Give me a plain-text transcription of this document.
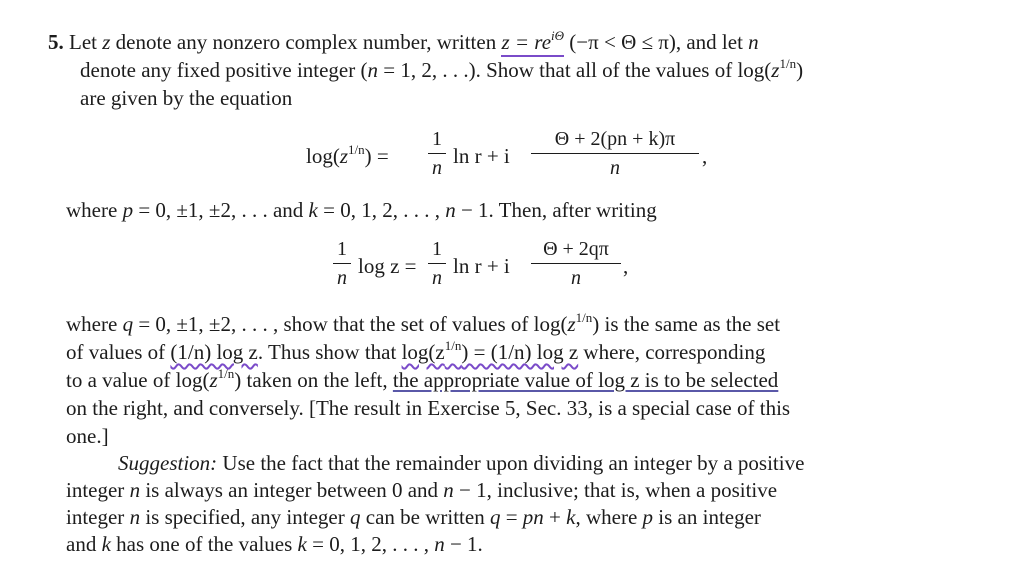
5. Let z denote any nonzero complex number, written $z = re^{i\Theta}$ (−π < Θ ≤ π), and let n
denote any fixed positive integer (n = 1, 2, . . .). Show that all of the values of $\log(z^{1/n})$
are given by the equation
$\log(z^{1/n})$ =
1
n ln r + i
Θ + 2(pn + k)π
n	,
where p = 0, ±1, ±2, . . . and k = 0, 1, 2, . . . , n − 1. Then, after writing
1
n log z =
1
n ln r + i
Θ + 2qπ
n	,
where q = 0, ±1, ±2, . . . , show that the set of values of $\log(z^{1/n})$ is the same as the set
of values of (1/n) log z. Thus show that $\log(z^{1/n}) = (1/n)$ log z where, corresponding
to a value of $\log(z^{1/n})$ taken on the left, the appropriate value of log z is to be selected
on the right, and conversely. [The result in Exercise 5, Sec. 33, is a special case of this
one.]
Suggestion: Use the fact that the remainder upon dividing an integer by a positive
integer n is always an integer between 0 and n − 1, inclusive; that is, when a positive
integer n is specified, any integer q can be written q = pn + k, where p is an integer
and k has one of the values k = 0, 1, 2, . . . , n − 1.
